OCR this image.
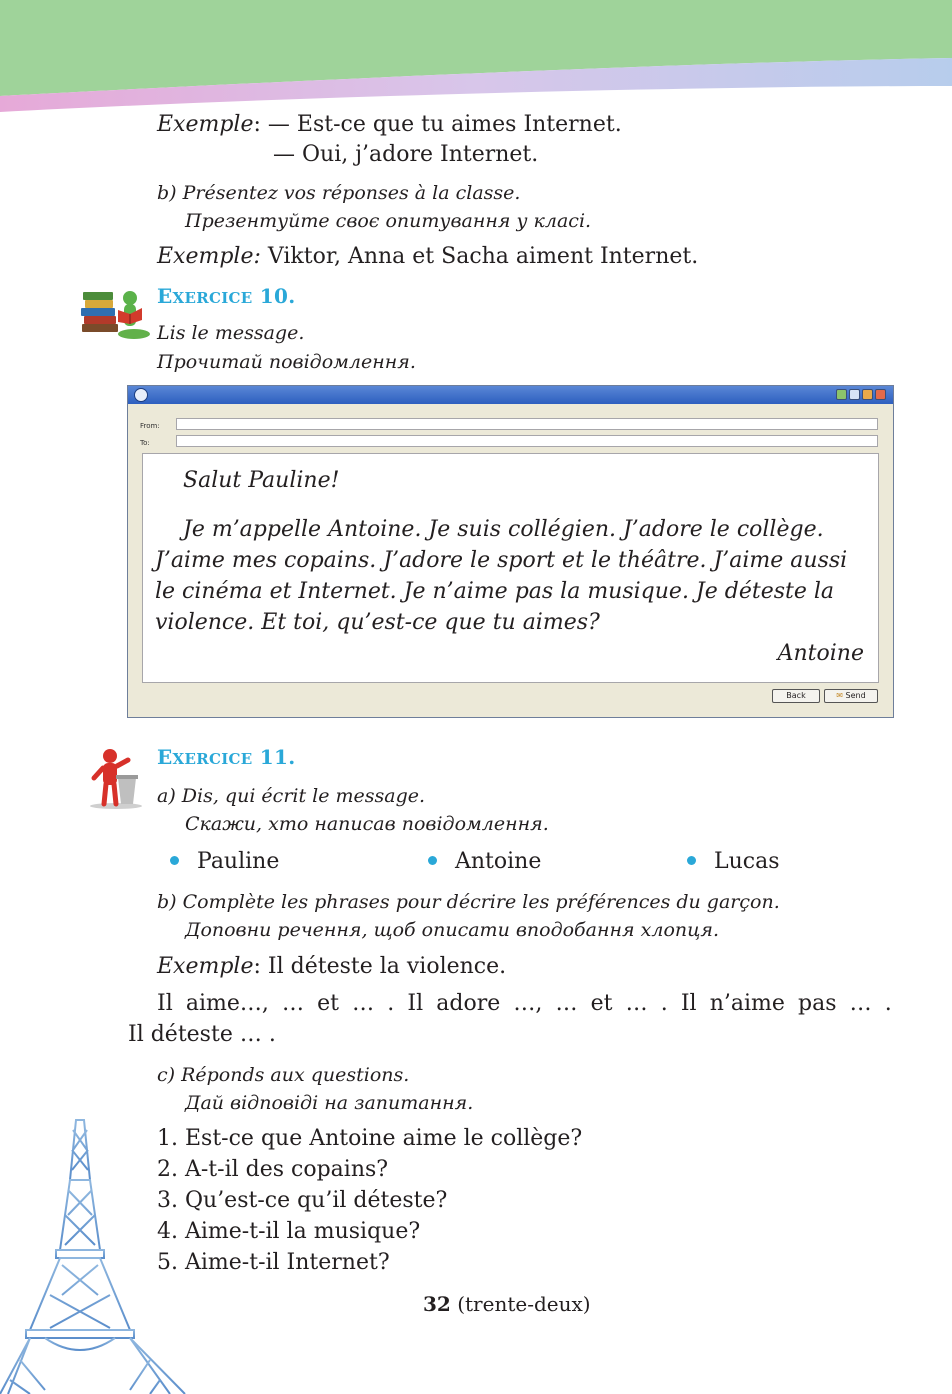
Exemple: — Est-ce que tu aimes Internet.
— Oui, j’adore Internet.
b) Présentez vos réponses à la classe.
Презентуйте своє опитування у класі.
Exemple: Viktor, Anna et Sacha aiment Internet.
EXERCICE 10.
Lis le message.
Прочитай повідомлення.
From:
To:
Salut Pauline!
Je m’appelle Antoine. Je suis collégien. J’adore le collège.
J’aime mes copains. J’adore le sport et le théâtre. J’aime aussi
le cinéma et Internet. Je n’aime pas la musique. Je déteste la
violence. Et toi, qu’est-ce que tu aimes?
Antoine
Back	✉ Send
EXERCICE 11.
a) Dis, qui écrit le message.
Скажи, хто написав повідомлення.
Pauline	Antoine	Lucas
b) Complète les phrases pour décrire les préférences du garçon.
Доповни речення, щоб описати вподобання хлопця.
Exemple: Il déteste la violence.
Il aime…, … et … . Il adore …, … et … . Il n’aime pas … .
Il déteste … .
c) Réponds aux questions.
Дай відповіді на запитання.
1. Est-ce que Antoine aime le collège?
2. A-t-il des copains?
3. Qu’est-ce qu’il déteste?
4. Aime-t-il la musique?
5. Aime-t-il Internet?
32 (trente-deux)
